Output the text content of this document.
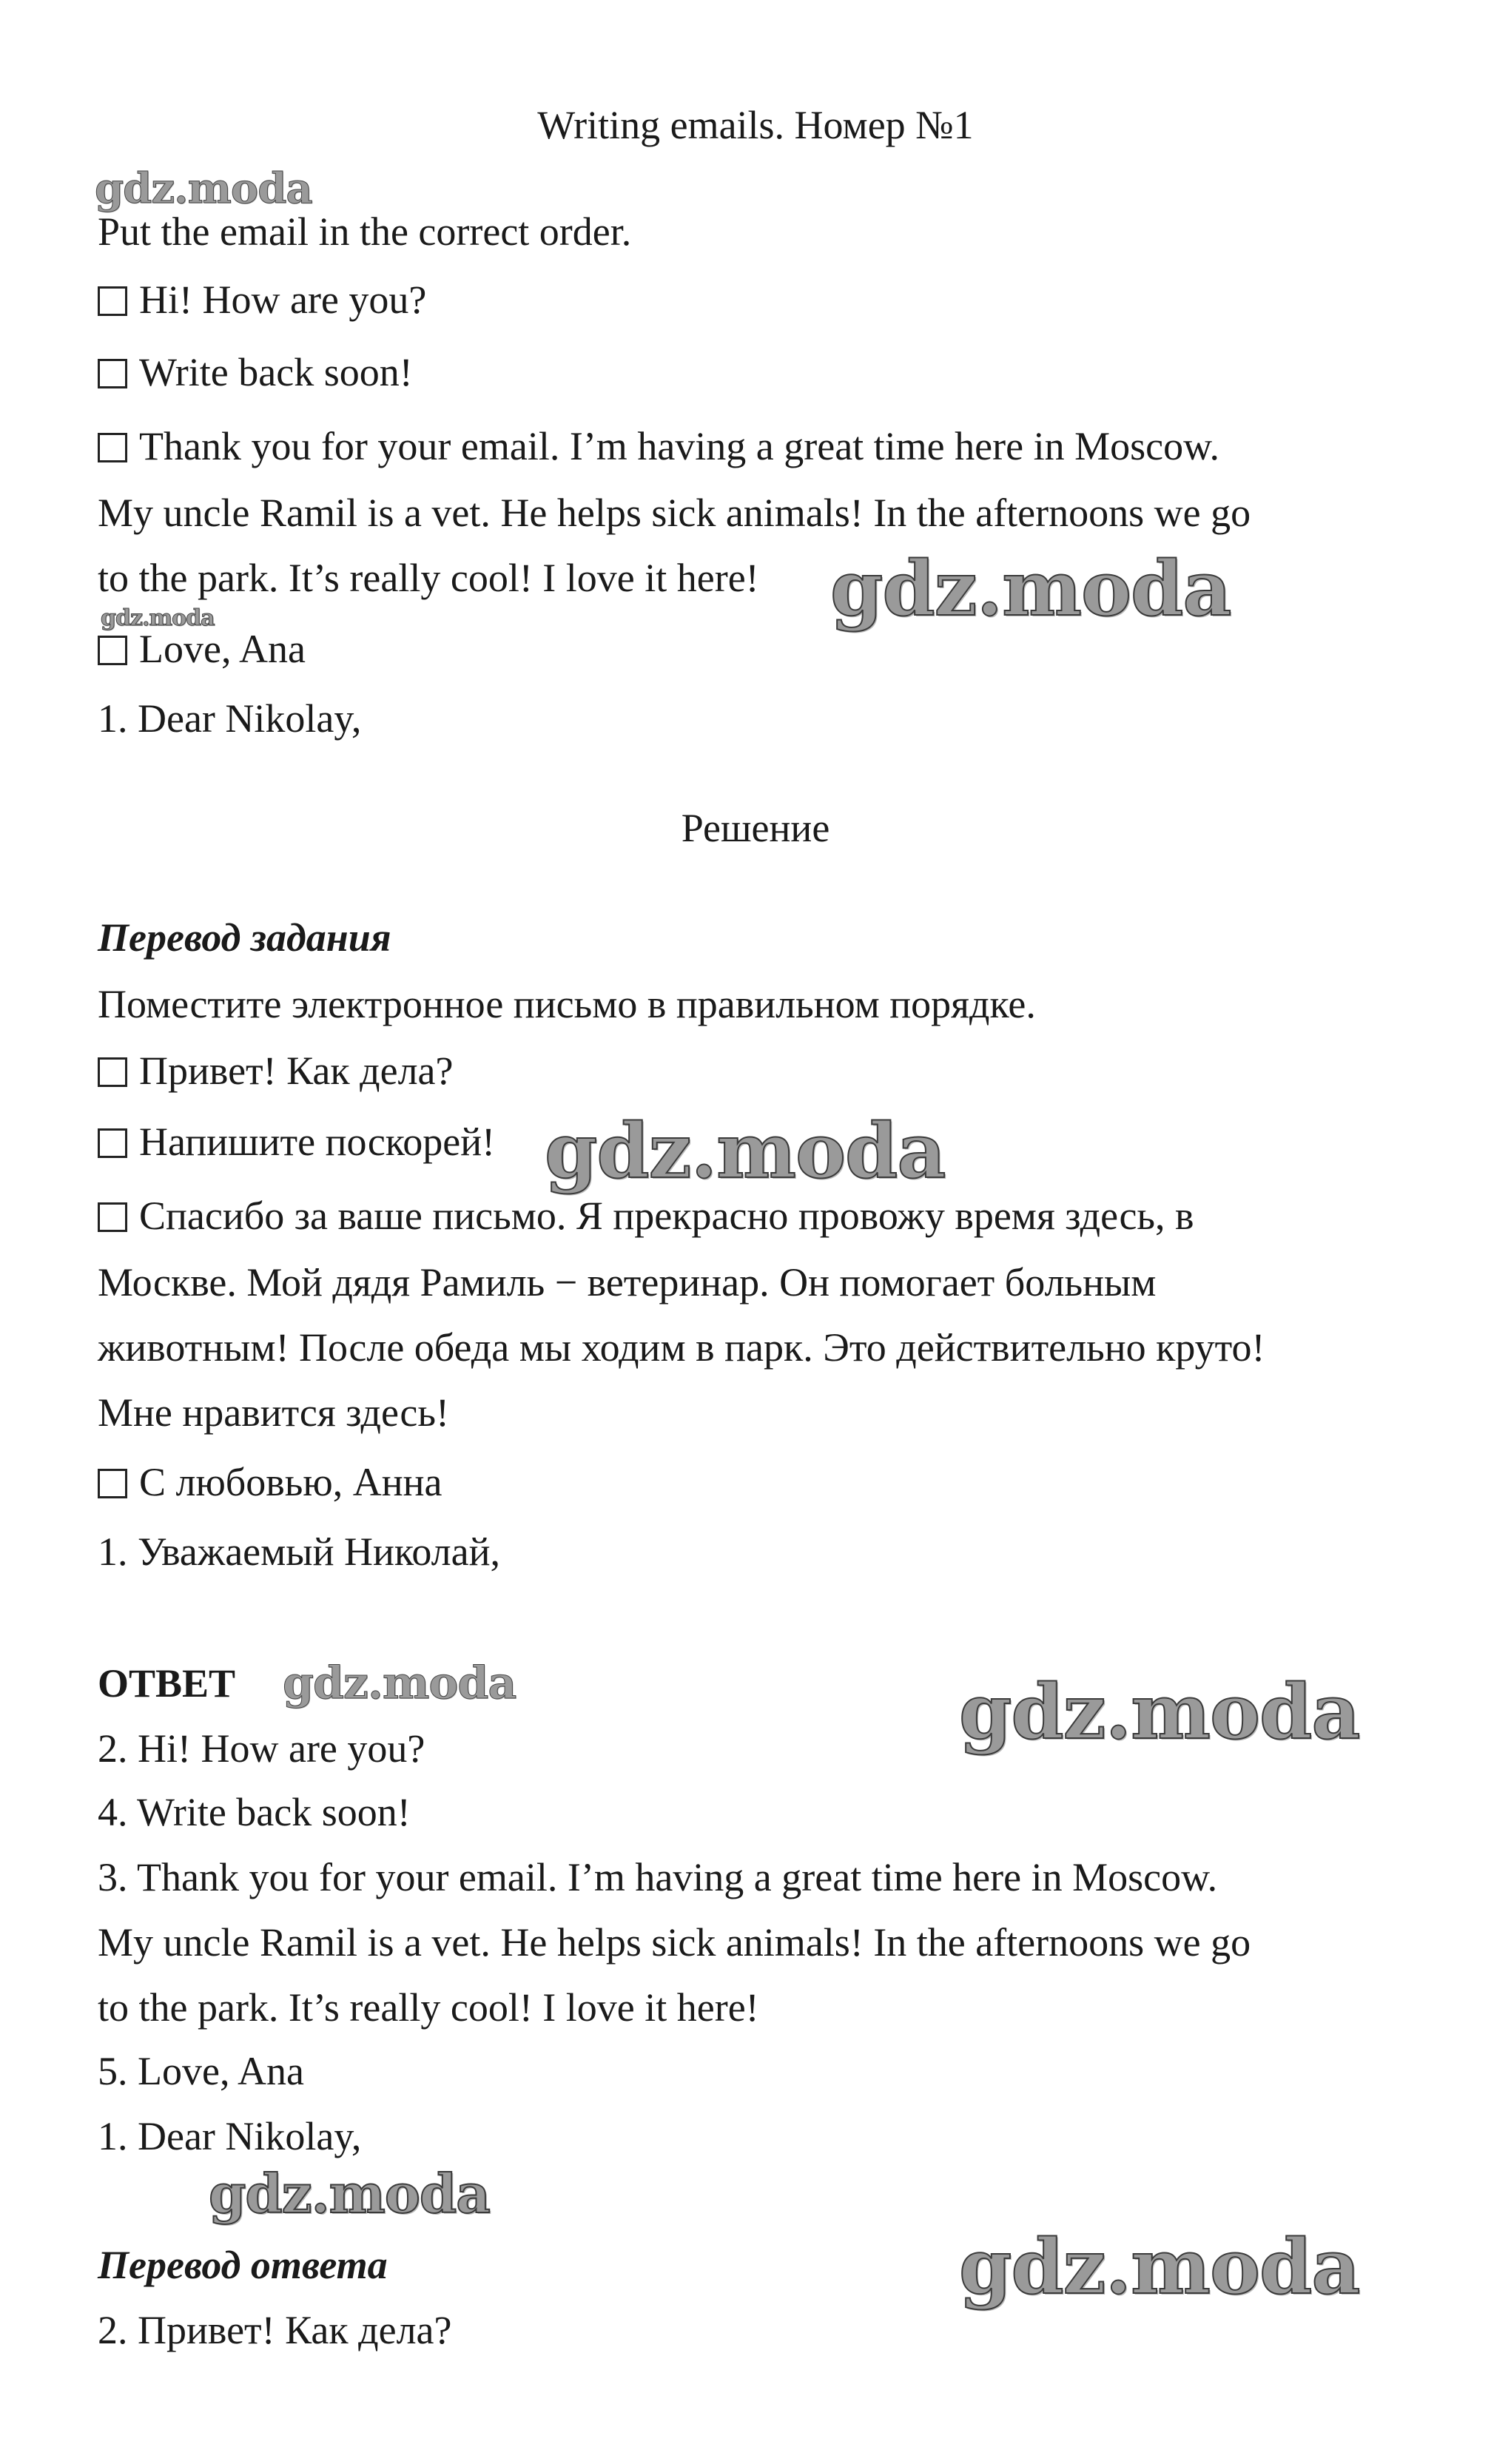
Writing emails. Номер №1
gdz.moda
Put the email in the correct order.
Hi! How are you?
Write back soon!
Thank you for your email. I’m having a great time here in Moscow.
My uncle Ramil is a vet. He helps sick animals! In the afternoons we go
to the park. It’s really cool! I love it here! gdz.moda
gdz.moda
Love, Ana
1. Dear Nikolay,
Решение
Перевод задания
Поместите электронное письмо в правильном порядке.
Привет! Как дела?
Напишите поскорей! gdz.moda
Спасибо за ваше письмо. Я прекрасно провожу время здесь, в
Москве. Мой дядя Рамиль − ветеринар. Он помогает больным
животным! После обеда мы ходим в парк. Это действительно круто!
Мне нравится здесь!
С любовью, Анна
1. Уважаемый Николай,
ОТВЕТ gdz.moda	gdz.moda
2. Hi! How are you?
4. Write back soon!
3. Thank you for your email. I’m having a great time here in Moscow.
My uncle Ramil is a vet. He helps sick animals! In the afternoons we go
to the park. It’s really cool! I love it here!
5. Love, Ana
1. Dear Nikolay,
gdz.moda
Перевод ответа	gdz.moda
2. Привет! Как дела?
